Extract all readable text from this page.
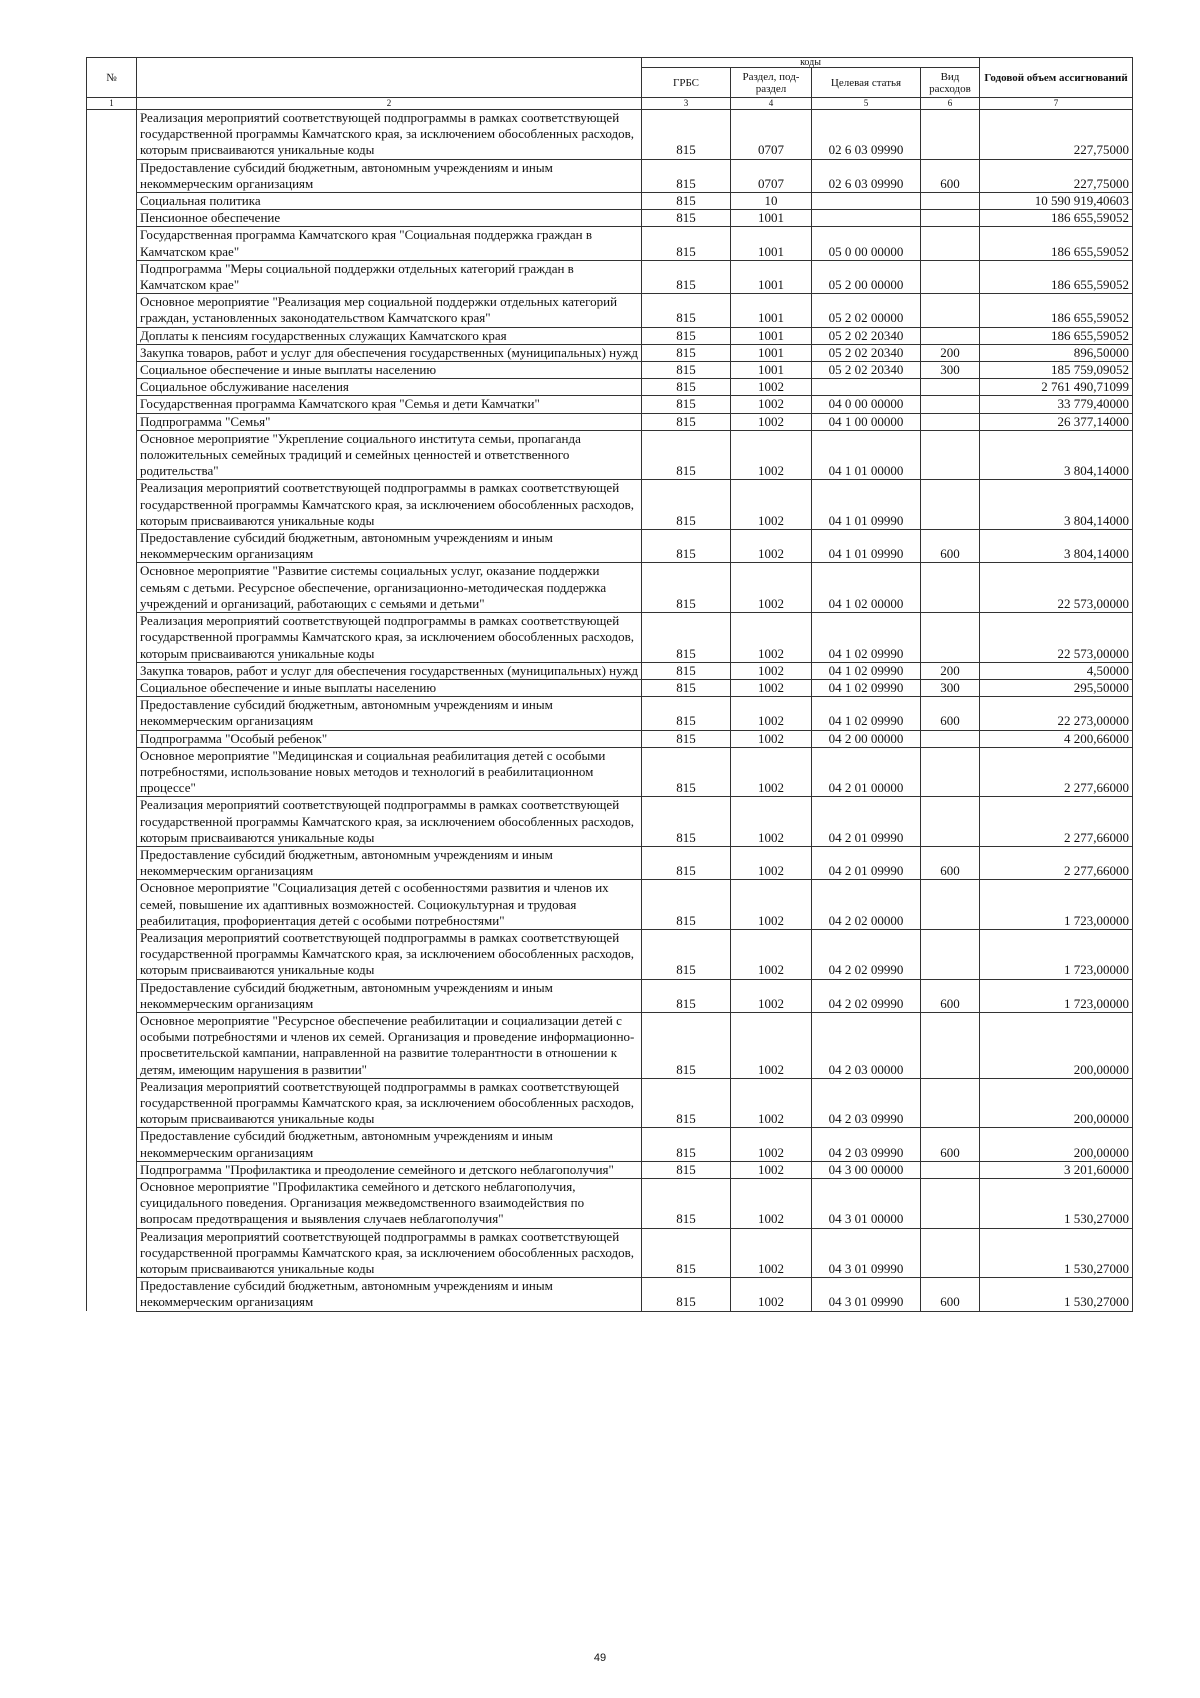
№		коды				Годовой объем ассигнований
		ГРБС	Раздел, под-раздел	Целевая статья	Вид расходов	
1	2	3	4	5	6	7
	Реализация мероприятий соответствующей подпрограммы в рамках соответствующей государственной программы Камчатского края, за исключением обособленных расходов, которым присваиваются уникальные коды	815	0707	02 6 03 09990		227,75000
	Предоставление субсидий бюджетным, автономным учреждениям и иным некоммерческим организациям	815	0707	02 6 03 09990	600	227,75000
	Социальная политика	815	10			10 590 919,40603
	Пенсионное обеспечение	815	1001			186 655,59052
	Государственная программа Камчатского края "Социальная поддержка граждан в Камчатском крае"	815	1001	05 0 00 00000		186 655,59052
	Подпрограмма "Меры социальной поддержки отдельных категорий граждан в Камчатском крае"	815	1001	05 2 00 00000		186 655,59052
	Основное мероприятие "Реализация мер социальной поддержки отдельных категорий граждан, установленных законодательством Камчатского края"	815	1001	05 2 02 00000		186 655,59052
	Доплаты к пенсиям государственных служащих Камчатского края	815	1001	05 2 02 20340		186 655,59052
	Закупка товаров, работ и услуг для обеспечения государственных (муниципальных) нужд	815	1001	05 2 02 20340	200	896,50000
	Социальное обеспечение и иные выплаты населению	815	1001	05 2 02 20340	300	185 759,09052
	Социальное обслуживание населения	815	1002			2 761 490,71099
	Государственная программа Камчатского края "Семья и дети Камчатки"	815	1002	04 0 00 00000		33 779,40000
	Подпрограмма "Семья"	815	1002	04 1 00 00000		26 377,14000
	Основное мероприятие "Укрепление социального института семьи, пропаганда положительных семейных традиций и семейных ценностей и ответственного родительства"	815	1002	04 1 01 00000		3 804,14000
	Реализация мероприятий соответствующей подпрограммы в рамках соответствующей государственной программы Камчатского края, за исключением обособленных расходов, которым присваиваются уникальные коды	815	1002	04 1 01 09990		3 804,14000
	Предоставление субсидий бюджетным, автономным учреждениям и иным некоммерческим организациям	815	1002	04 1 01 09990	600	3 804,14000
	Основное мероприятие "Развитие системы социальных услуг, оказание поддержки семьям с детьми. Ресурсное обеспечение, организационно-методическая поддержка учреждений и организаций, работающих с семьями и детьми"	815	1002	04 1 02 00000		22 573,00000
	Реализация мероприятий соответствующей подпрограммы в рамках соответствующей государственной программы Камчатского края, за исключением обособленных расходов, которым присваиваются уникальные коды	815	1002	04 1 02 09990		22 573,00000
	Закупка товаров, работ и услуг для обеспечения государственных (муниципальных) нужд	815	1002	04 1 02 09990	200	4,50000
	Социальное обеспечение и иные выплаты населению	815	1002	04 1 02 09990	300	295,50000
	Предоставление субсидий бюджетным, автономным учреждениям и иным некоммерческим организациям	815	1002	04 1 02 09990	600	22 273,00000
	Подпрограмма "Особый ребенок"	815	1002	04 2 00 00000		4 200,66000
	Основное мероприятие "Медицинская и социальная реабилитация детей с особыми потребностями, использование новых методов и технологий в реабилитационном процессе"	815	1002	04 2 01 00000		2 277,66000
	Реализация мероприятий соответствующей подпрограммы в рамках соответствующей государственной программы Камчатского края, за исключением обособленных расходов, которым присваиваются уникальные коды	815	1002	04 2 01 09990		2 277,66000
	Предоставление субсидий бюджетным, автономным учреждениям и иным некоммерческим организациям	815	1002	04 2 01 09990	600	2 277,66000
	Основное мероприятие "Социализация детей с особенностями развития и членов их семей, повышение их адаптивных возможностей. Социокультурная и трудовая реабилитация, профориентация детей с особыми потребностями"	815	1002	04 2 02 00000		1 723,00000
	Реализация мероприятий соответствующей подпрограммы в рамках соответствующей государственной программы Камчатского края, за исключением обособленных расходов, которым присваиваются уникальные коды	815	1002	04 2 02 09990		1 723,00000
	Предоставление субсидий бюджетным, автономным учреждениям и иным некоммерческим организациям	815	1002	04 2 02 09990	600	1 723,00000
	Основное мероприятие "Ресурсное обеспечение реабилитации и социализации детей с особыми потребностями и членов их семей. Организация и проведение информационно-просветительской кампании, направленной на развитие толерантности в отношении к детям, имеющим нарушения в развитии"	815	1002	04 2 03 00000		200,00000
	Реализация мероприятий соответствующей подпрограммы в рамках соответствующей государственной программы Камчатского края, за исключением обособленных расходов, которым присваиваются уникальные коды	815	1002	04 2 03 09990		200,00000
	Предоставление субсидий бюджетным, автономным учреждениям и иным некоммерческим организациям	815	1002	04 2 03 09990	600	200,00000
	Подпрограмма "Профилактика и преодоление семейного и детского неблагополучия"	815	1002	04 3 00 00000		3 201,60000
	Основное мероприятие "Профилактика семейного и детского неблагополучия, суицидального поведения. Организация межведомственного взаимодействия по вопросам предотвращения и выявления случаев неблагополучия"	815	1002	04 3 01 00000		1 530,27000
	Реализация мероприятий соответствующей подпрограммы в рамках соответствующей государственной программы Камчатского края, за исключением обособленных расходов, которым присваиваются уникальные коды	815	1002	04 3 01 09990		1 530,27000
	Предоставление субсидий бюджетным, автономным учреждениям и иным некоммерческим организациям	815	1002	04 3 01 09990	600	1 530,27000
49
